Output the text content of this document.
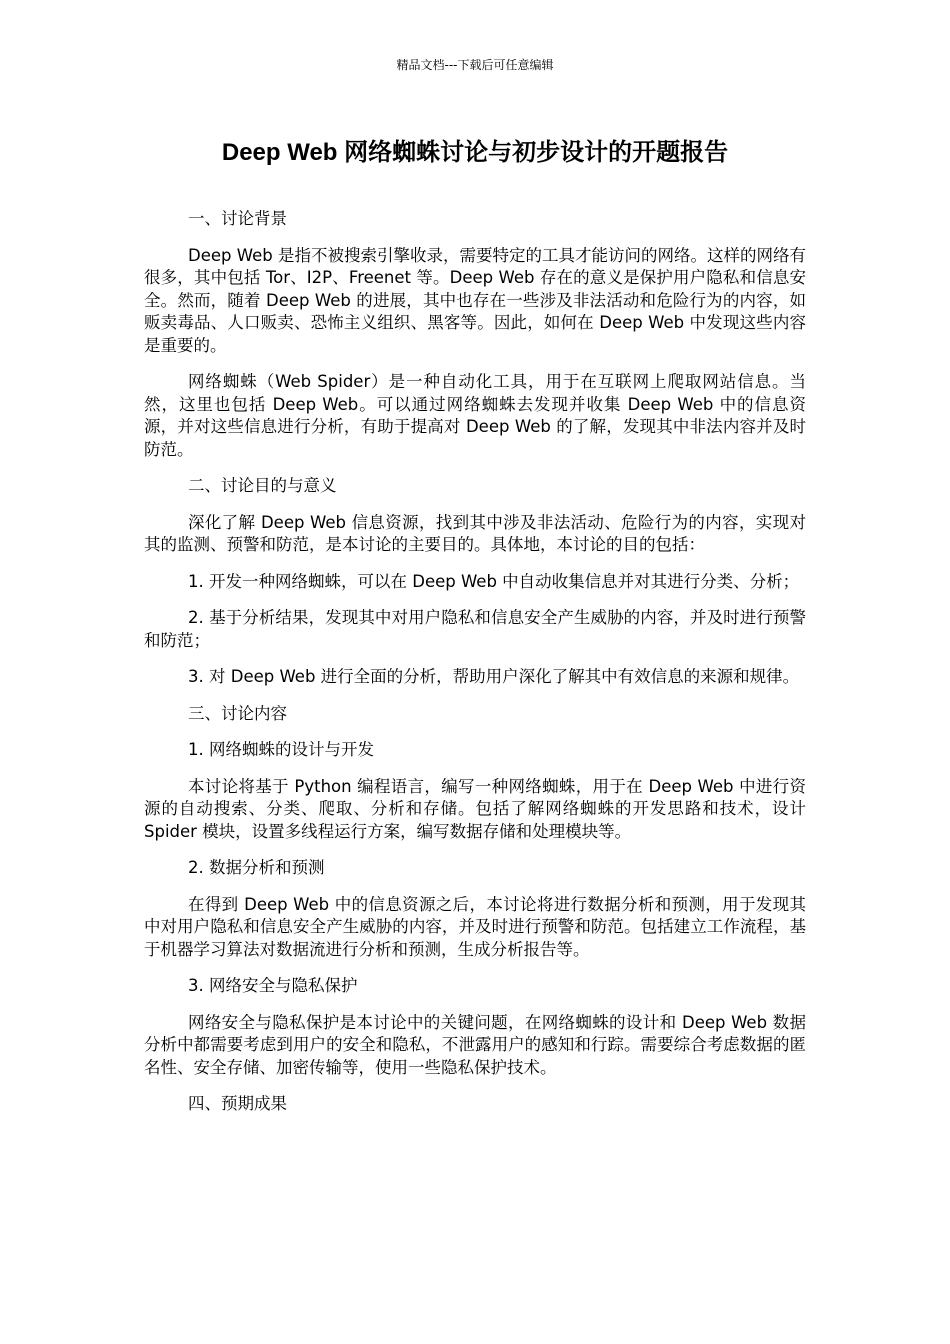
精品文档---下载后可任意编辑
Deep Web 网络蜘蛛讨论与初步设计的开题报告

一、讨论背景

Deep Web 是指不被搜索引擎收录，需要特定的工具才能访问的网络。这样的网络有很多，其中包括 Tor、I2P、Freenet 等。Deep Web 存在的意义是保护用户隐私和信息安全。然而，随着 Deep Web 的进展，其中也存在一些涉及非法活动和危险行为的内容，如贩卖毒品、人口贩卖、恐怖主义组织、黑客等。因此，如何在 Deep Web 中发现这些内容是重要的。

网络蜘蛛（Web Spider）是一种自动化工具，用于在互联网上爬取网站信息。当然，这里也包括 Deep Web。可以通过网络蜘蛛去发现并收集 Deep Web 中的信息资源，并对这些信息进行分析，有助于提高对 Deep Web 的了解，发现其中非法内容并及时防范。

二、讨论目的与意义

深化了解 Deep Web 信息资源，找到其中涉及非法活动、危险行为的内容，实现对其的监测、预警和防范，是本讨论的主要目的。具体地，本讨论的目的包括：

1. 开发一种网络蜘蛛，可以在 Deep Web 中自动收集信息并对其进行分类、分析；

2. 基于分析结果，发现其中对用户隐私和信息安全产生威胁的内容，并及时进行预警和防范；

3. 对 Deep Web 进行全面的分析，帮助用户深化了解其中有效信息的来源和规律。

三、讨论内容

1. 网络蜘蛛的设计与开发

本讨论将基于 Python 编程语言，编写一种网络蜘蛛，用于在 Deep Web 中进行资源的自动搜索、分类、爬取、分析和存储。包括了解网络蜘蛛的开发思路和技术，设计 Spider 模块，设置多线程运行方案，编写数据存储和处理模块等。

2. 数据分析和预测

在得到 Deep Web 中的信息资源之后，本讨论将进行数据分析和预测，用于发现其中对用户隐私和信息安全产生威胁的内容，并及时进行预警和防范。包括建立工作流程，基于机器学习算法对数据流进行分析和预测，生成分析报告等。

3. 网络安全与隐私保护

网络安全与隐私保护是本讨论中的关键问题，在网络蜘蛛的设计和 Deep Web 数据分析中都需要考虑到用户的安全和隐私，不泄露用户的感知和行踪。需要综合考虑数据的匿名性、安全存储、加密传输等，使用一些隐私保护技术。

四、预期成果
